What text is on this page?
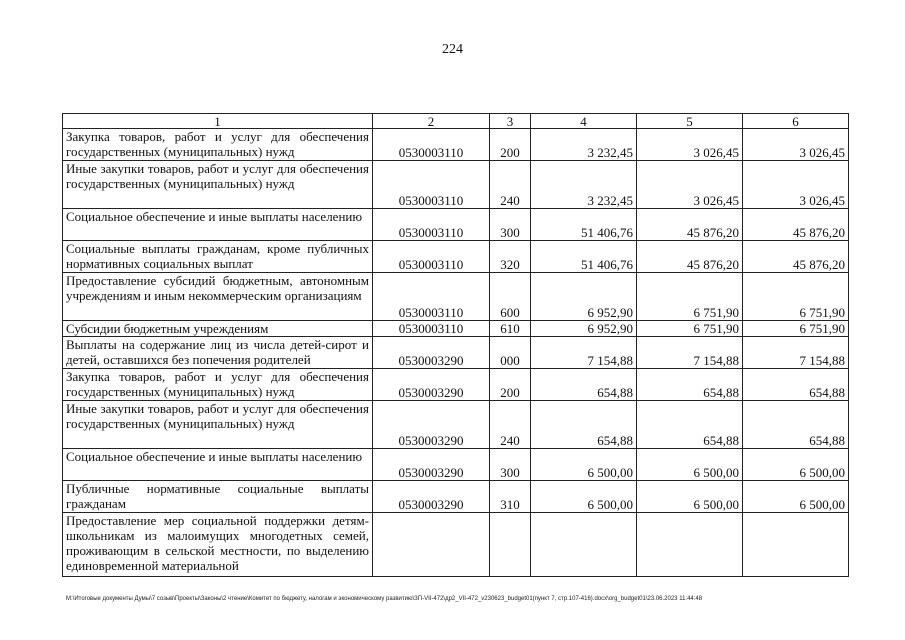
224
1	2	3	4	5	6
Закупка товаров, работ и услуг для обеспечения государственных (муниципальных) нужд	0530003110	200	3 232,45	3 026,45	3 026,45
Иные закупки товаров, работ и услуг для обеспечения государственных (муниципальных) нужд	0530003110	240	3 232,45	3 026,45	3 026,45
Социальное обеспечение и иные выплаты населению	0530003110	300	51 406,76	45 876,20	45 876,20
Социальные выплаты гражданам, кроме публичных нормативных социальных выплат	0530003110	320	51 406,76	45 876,20	45 876,20
Предоставление субсидий бюджетным, автономным учреждениям и иным некоммерческим организациям	0530003110	600	6 952,90	6 751,90	6 751,90
Субсидии бюджетным учреждениям	0530003110	610	6 952,90	6 751,90	6 751,90
Выплаты на содержание лиц из числа детей-сирот и детей, оставшихся без попечения родителей	0530003290	000	7 154,88	7 154,88	7 154,88
Закупка товаров, работ и услуг для обеспечения государственных (муниципальных) нужд	0530003290	200	654,88	654,88	654,88
Иные закупки товаров, работ и услуг для обеспечения государственных (муниципальных) нужд	0530003290	240	654,88	654,88	654,88
Социальное обеспечение и иные выплаты населению	0530003290	300	6 500,00	6 500,00	6 500,00
Публичные нормативные социальные выплаты гражданам	0530003290	310	6 500,00	6 500,00	6 500,00
Предоставление мер социальной поддержки детям-школьникам из малоимущих многодетных семей, проживающим в сельской местности, по выделению единовременной материальной					
M:\Итоговые документы Думы\7 созыв\Проекты\Законы\2 чтение\Комитет по бюджету, налогам и экономическому развитию\ЗП-VII-472\др2_VII-472_v230623_budget01(пункт 7, стр.107-416).docx\org_budget01\23.06.2023 11:44:48
